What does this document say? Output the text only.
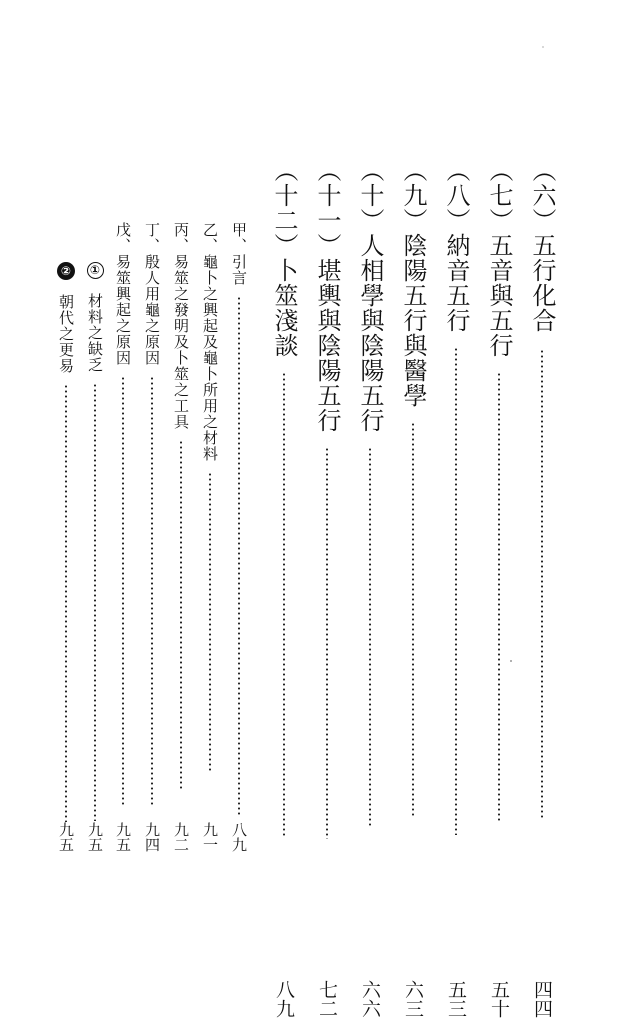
（六）五行化合
四四
（七）五音與五行
五十
（八）納音五行
五三
（九）陰陽五行與醫學
六三
（十）人相學與陰陽五行
六六
（十一）堪輿與陰陽五行
七二
（十二）卜筮淺談
八九
甲、引言
八九
乙、龜卜之興起及龜卜所用之材料
九一
丙、易筮之發明及卜筮之工具
九二
丁、殷人用龜之原因
九四
戊、易筮興起之原因
九五
①
材料之缺乏
九五
②
朝代之更易
九五
